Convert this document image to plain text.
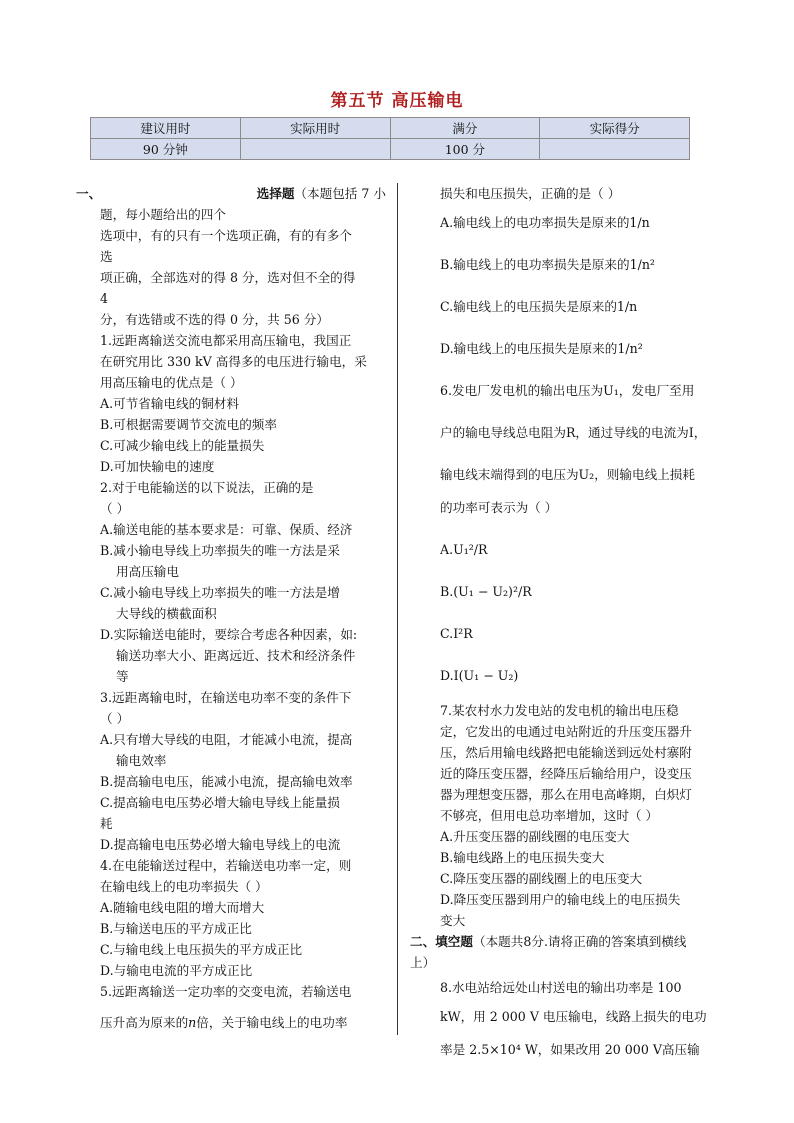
第五节 高压输电
建议用时	实际用时	满分	实际得分
90 分钟		100 分	
一、	选择题（本题包括 7 小

题，每小题给出的四个

选项中，有的只有一个选项正确，有的有多个

选

项正确，全部选对的得 8 分，选对但不全的得

4

分，有选错或不选的得 0 分，共 56 分）

1.远距离输送交流电都采用高压输电，我国正

在研究用比 330 kV 高得多的电压进行输电，采

用高压输电的优点是（ ）

A.可节省输电线的铜材料

B.可根据需要调节交流电的频率

C.可减少输电线上的能量损失

D.可加快输电的速度

2.对于电能输送的以下说法，正确的是

（ ）

A.输送电能的基本要求是：可靠、保质、经济

B.减小输电导线上功率损失的唯一方法是采

用高压输电

C.减小输电导线上功率损失的唯一方法是增

大导线的横截面积

D.实际输送电能时，要综合考虑各种因素，如:

输送功率大小、距离远近、技术和经济条件

等

3.远距离输电时，在输送电功率不变的条件下

（ ）

A.只有增大导线的电阻，才能减小电流，提高

输电效率

B.提高输电电压，能减小电流，提高输电效率

C.提高输电电压势必增大输电导线上能量损

耗

D.提高输电电压势必增大输电导线上的电流

4.在电能输送过程中，若输送电功率一定，则

在输电线上的电功率损失（ ）

A.随输电线电阻的增大而增大

B.与输送电压的平方成正比

C.与输电线上电压损失的平方成正比

D.与输电电流的平方成正比

5.远距离输送一定功率的交变电流，若输送电

压升高为原来的n倍，关于输电线上的电功率

损失和电压损失，正确的是（ ）

A.输电线上的电功率损失是原来的1/n

B.输电线上的电功率损失是原来的1/n²

C.输电线上的电压损失是原来的1/n

D.输电线上的电压损失是原来的1/n²

6.发电厂发电机的输出电压为U₁，发电厂至用

户的输电导线总电阻为R，通过导线的电流为I，

输电线末端得到的电压为U₂，则输电线上损耗

的功率可表示为（ ）

A.U₁²/R

B.(U₁ − U₂)²/R

C.I²R

D.I(U₁ − U₂)

7.某农村水力发电站的发电机的输出电压稳

定，它发出的电通过电站附近的升压变压器升

压，然后用输电线路把电能输送到远处村寨附

近的降压变压器，经降压后输给用户，设变压

器为理想变压器，那么在用电高峰期，白炽灯

不够亮，但用电总功率增加，这时（ ）

A.升压变压器的副线圈的电压变大

B.输电线路上的电压损失变大

C.降压变压器的副线圈上的电压变大

D.降压变压器到用户的输电线上的电压损失

变大

二、填空题（本题共8分.请将正确的答案填到横线

上）

8.水电站给远处山村送电的输出功率是 100

kW，用 2 000 V 电压输电，线路上损失的电功

率是 2.5×10⁴ W，如果改用 20 000 V高压输
